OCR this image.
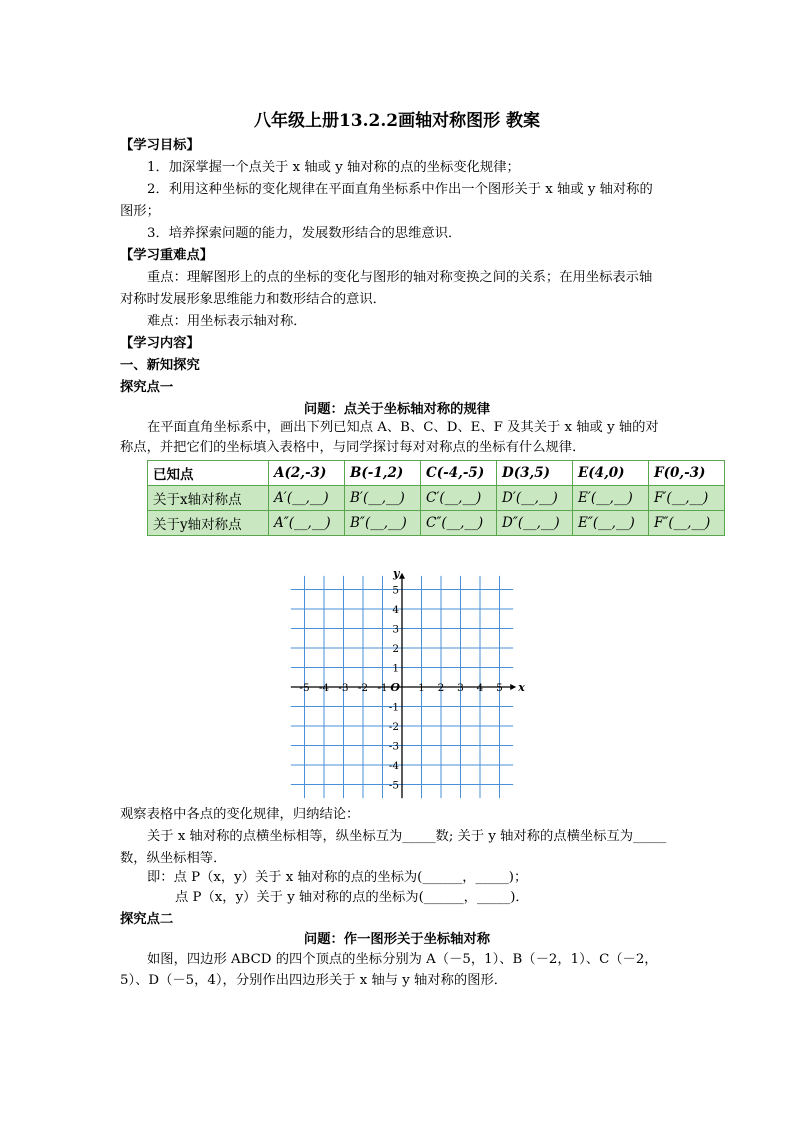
八年级上册13.2.2画轴对称图形 教案
【学习目标】
1．加深掌握一个点关于 x 轴或 y 轴对称的点的坐标变化规律；
2．利用这种坐标的变化规律在平面直角坐标系中作出一个图形关于 x 轴或 y 轴对称的
图形；
3．培养探索问题的能力，发展数形结合的思维意识．
【学习重难点】
重点：理解图形上的点的坐标的变化与图形的轴对称变换之间的关系；在用坐标表示轴
对称时发展形象思维能力和数形结合的意识．
难点：用坐标表示轴对称．
【学习内容】
一、新知探究
探究点一
问题：点关于坐标轴对称的规律
在平面直角坐标系中，画出下列已知点 A、B、C、D、E、F 及其关于 x 轴或 y 轴的对
称点，并把它们的坐标填入表格中，与同学探讨每对对称点的坐标有什么规律．
已知点	A(2,-3)	B(-1,2)	C(-4,-5)	D(3,5)	E(4,0)	F(0,-3)
关于x轴对称点	A′(__,__)	B′(__,__)	C′(__,__)	D′(__,__)	E′(__,__)	F′(__,__)
关于y轴对称点	A″(__,__)	B″(__,__)	C″(__,__)	D″(__,__)	E″(__,__)	F″(__,__)
-5 -4 -3 -2 -1	1 2 3 4 5
5
4
3
2
1
-1
-2
-3
-4
-5
O	x
y
观察表格中各点的变化规律，归纳结论：
关于 x 轴对称的点横坐标相等，纵坐标互为_____数; 关于 y 轴对称的点横坐标互为_____
数，纵坐标相等．
即：点 P（x，y）关于 x 轴对称的点的坐标为(______，_____)；
点 P（x，y）关于 y 轴对称的点的坐标为(______，_____)．
探究点二
问题：作一图形关于坐标轴对称
如图，四边形 ABCD 的四个顶点的坐标分别为 A（－5，1）、B（－2，1）、C（－2，
5）、D（－5，4），分别作出四边形关于 x 轴与 y 轴对称的图形．
